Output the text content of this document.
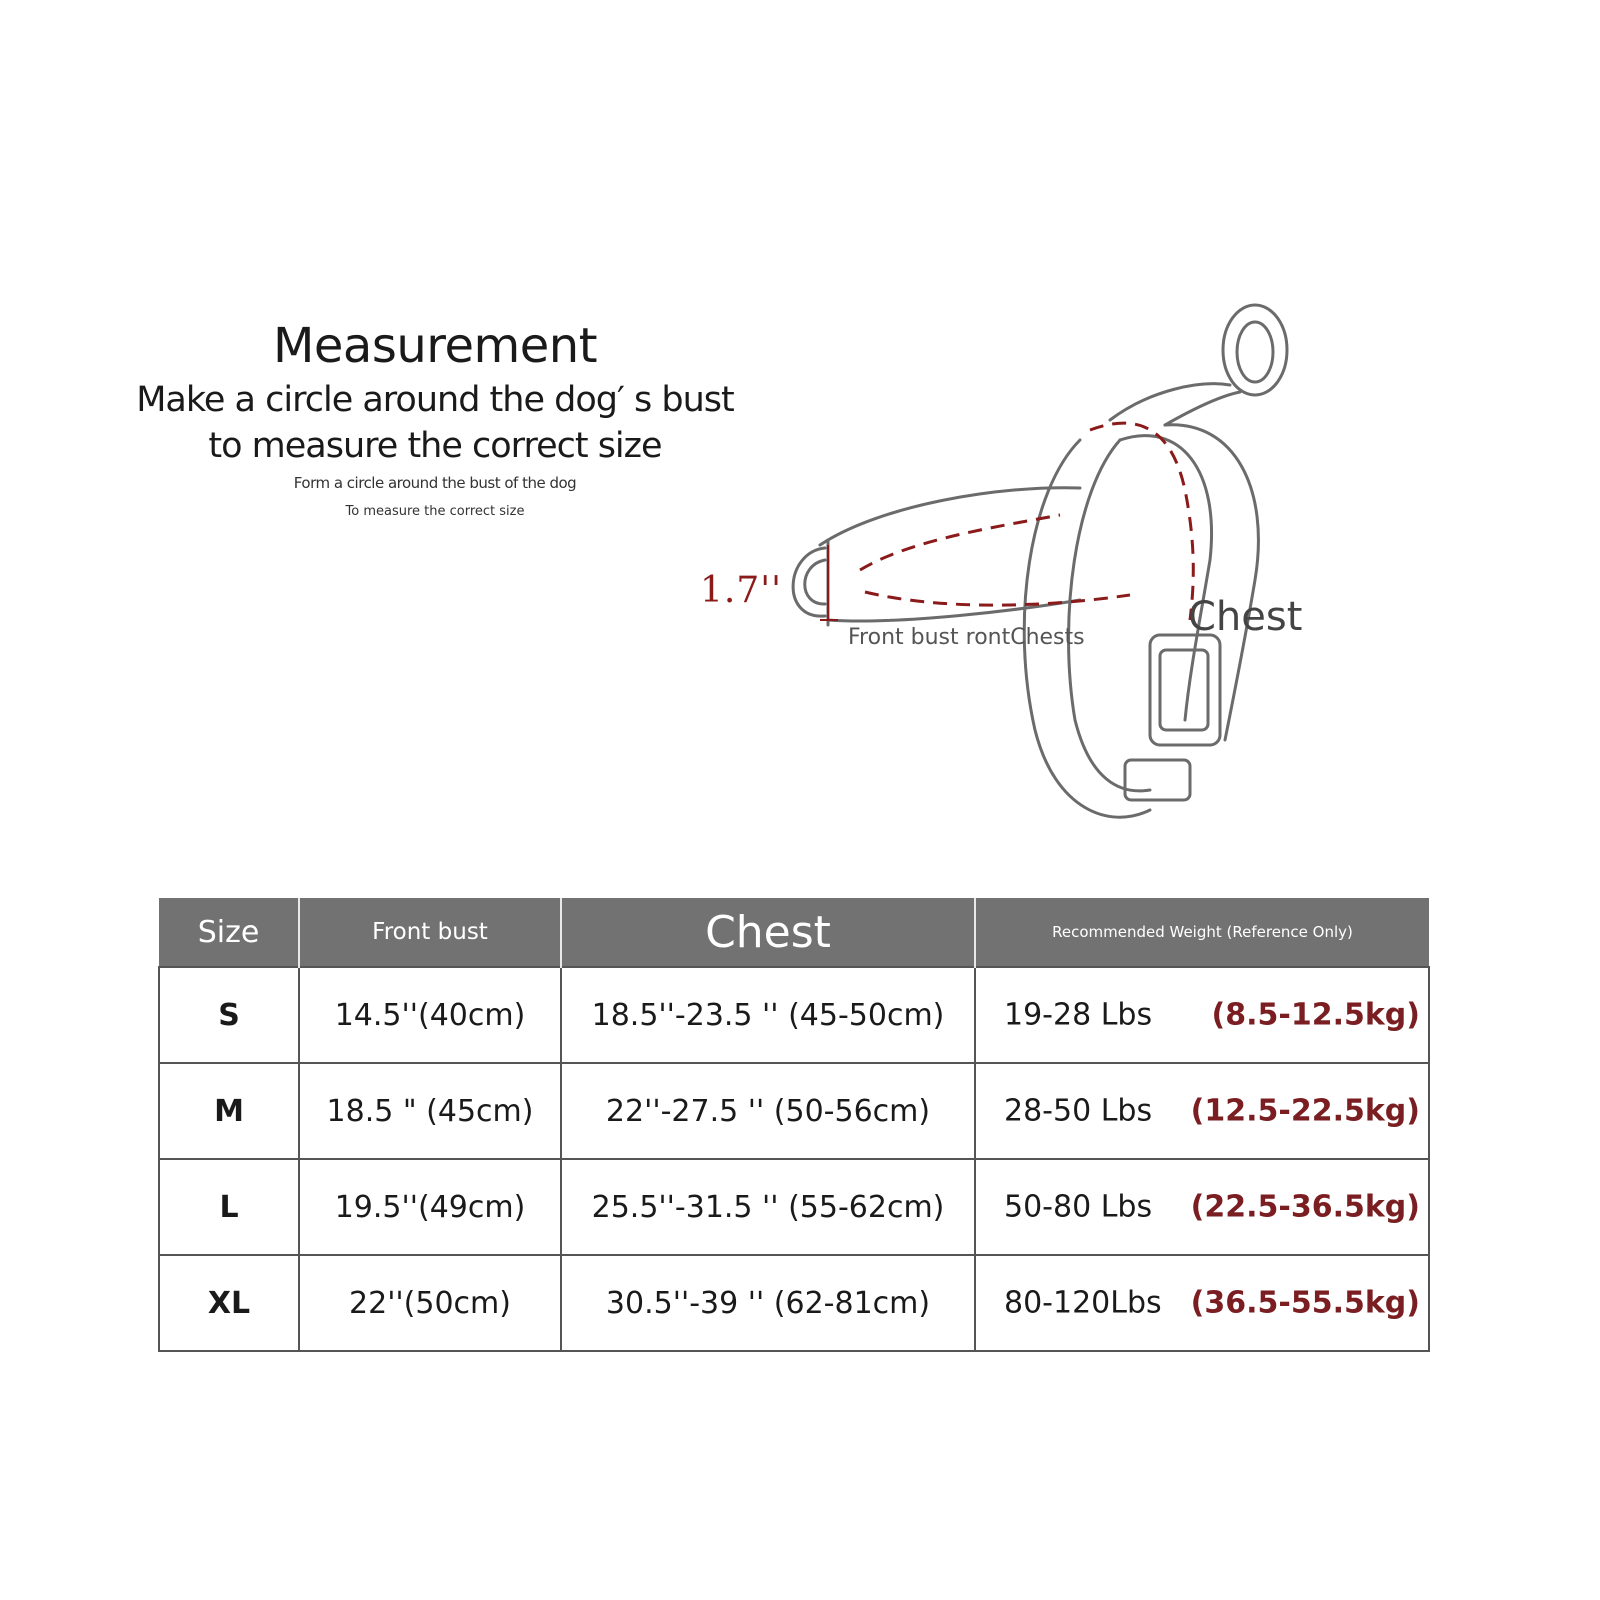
Measurement
Make a circle around the dog′ s bust
to measure the correct size
Form a circle around the bust of the dog
To measure the correct size
1.7''
Front bust rontChests	Chest
Size	Front bust	Chest	Recommended Weight (Reference Only)
S	14.5''(40cm)	18.5''-23.5 '' (45-50cm)	19-28 Lbs (8.5-12.5kg)

M	18.5 " (45cm)	22''-27.5 '' (50-56cm)	28-50 Lbs (12.5-22.5kg)

L	19.5''(49cm)	25.5''-31.5 '' (55-62cm)	50-80 Lbs (22.5-36.5kg)

XL	22''(50cm)	30.5''-39 '' (62-81cm)	80-120Lbs (36.5-55.5kg)
